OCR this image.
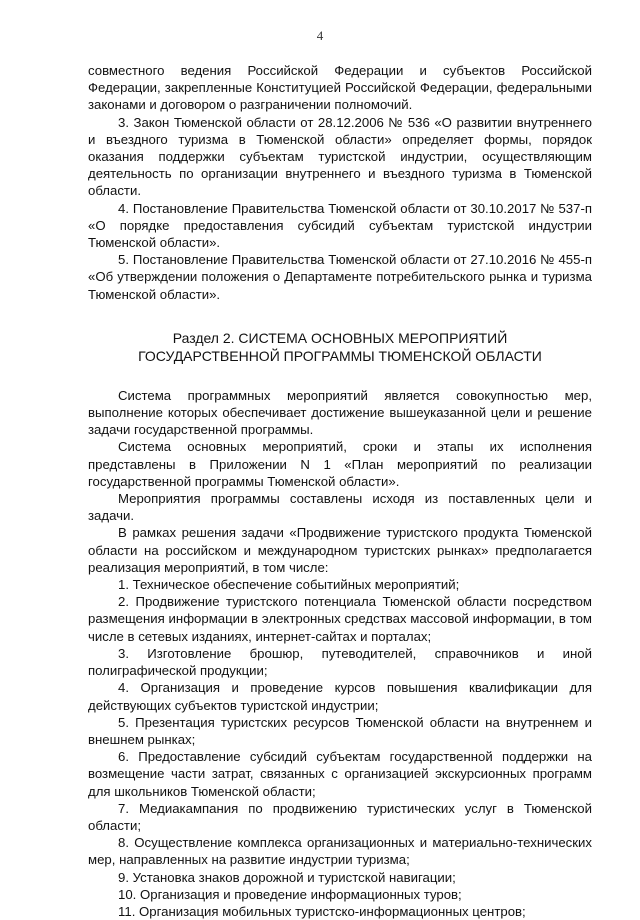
4

совместного ведения Российской Федерации и субъектов Российской Федерации, закрепленные Конституцией Российской Федерации, федеральными законами и договором о разграничении полномочий.

3. Закон Тюменской области от 28.12.2006 № 536 «О развитии внутреннего и въездного туризма в Тюменской области» определяет формы, порядок оказания поддержки субъектам туристской индустрии, осуществляющим деятельность по организации внутреннего и въездного туризма в Тюменской области.

4. Постановление Правительства Тюменской области от 30.10.2017 № 537-п «О порядке предоставления субсидий субъектам туристской индустрии Тюменской области».

5. Постановление Правительства Тюменской области от 27.10.2016 № 455-п «Об утверждении положения о Департаменте потребительского рынка и туризма Тюменской области».

Раздел 2. СИСТЕМА ОСНОВНЫХ МЕРОПРИЯТИЙ
ГОСУДАРСТВЕННОЙ ПРОГРАММЫ ТЮМЕНСКОЙ ОБЛАСТИ

Система программных мероприятий является совокупностью мер, выполнение которых обеспечивает достижение вышеуказанной цели и решение задачи государственной программы.

Система основных мероприятий, сроки и этапы их исполнения представлены в Приложении N 1 «План мероприятий по реализации государственной программы Тюменской области».

Мероприятия программы составлены исходя из поставленных цели и задачи.

В рамках решения задачи «Продвижение туристского продукта Тюменской области на российском и международном туристских рынках» предполагается реализация мероприятий, в том числе:

1. Техническое обеспечение событийных мероприятий;

2. Продвижение туристского потенциала Тюменской области посредством размещения информации в электронных средствах массовой информации, в том числе в сетевых изданиях, интернет-сайтах и порталах;

3. Изготовление брошюр, путеводителей, справочников и иной полиграфической продукции;

4. Организация и проведение курсов повышения квалификации для действующих субъектов туристской индустрии;

5. Презентация туристских ресурсов Тюменской области на внутреннем и внешнем рынках;

6. Предоставление субсидий субъектам государственной поддержки на возмещение части затрат, связанных с организацией экскурсионных программ для школьников Тюменской области;

7. Медиакампания по продвижению туристических услуг в Тюменской области;

8. Осуществление комплекса организационных и материально-технических мер, направленных на развитие индустрии туризма;

9. Установка знаков дорожной и туристской навигации;

10. Организация и проведение информационных туров;

11. Организация мобильных туристско-информационных центров;
